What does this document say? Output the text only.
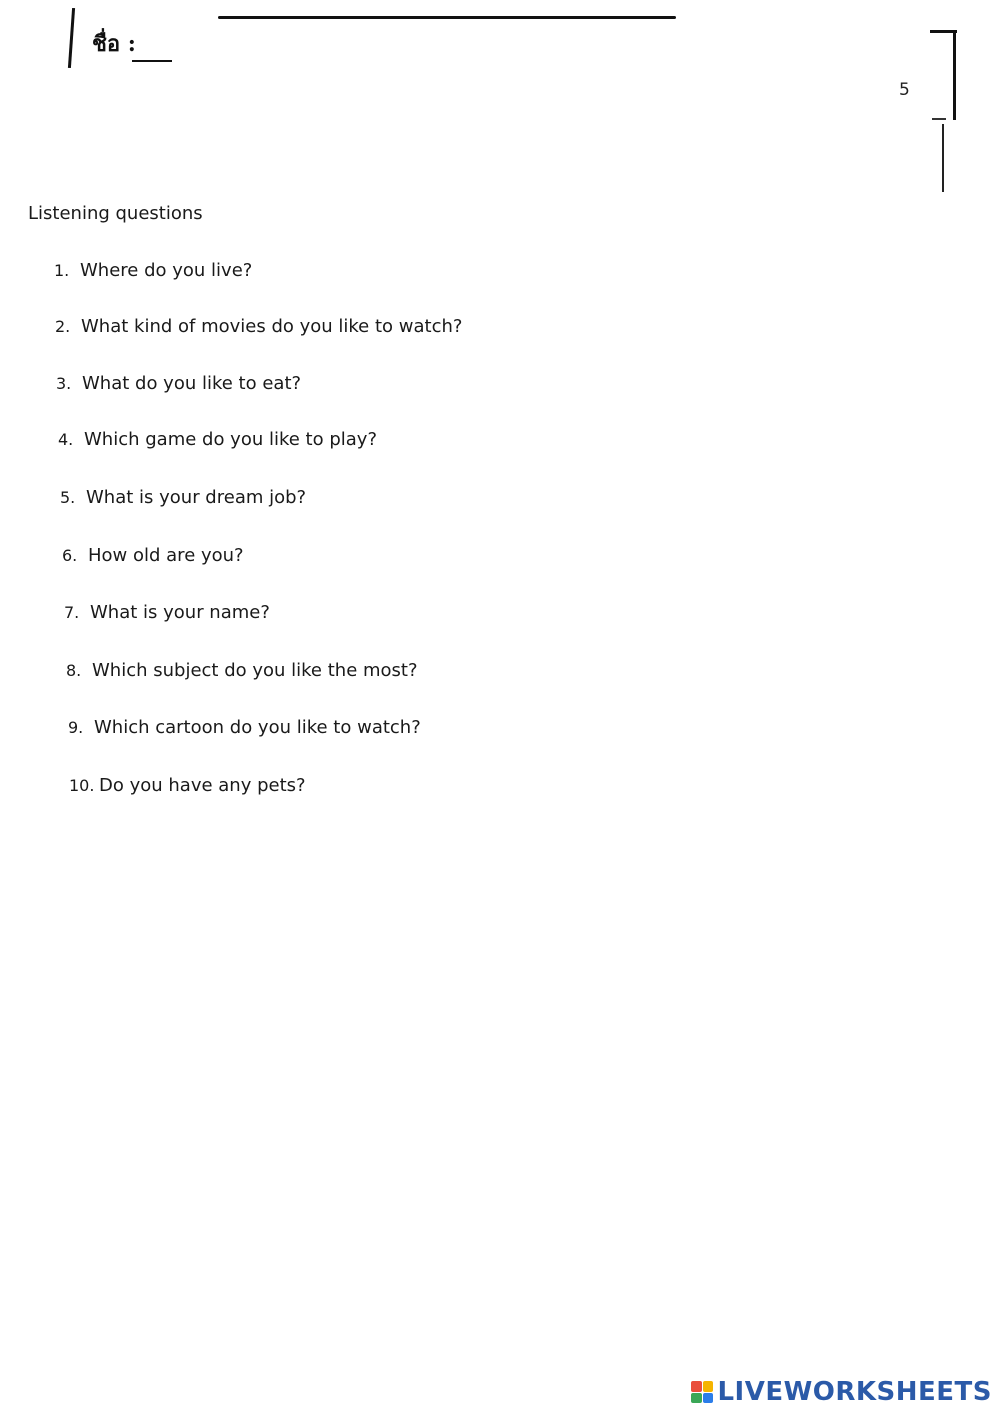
ชื่อ :
5
Listening questions
1. Where do you live?
2. What kind of movies do you like to watch?
3. What do you like to eat?
4. Which game do you like to play?
5. What is your dream job?
6. How old are you?
7. What is your name?
8. Which subject do you like the most?
9. Which cartoon do you like to watch?
10. Do you have any pets?
LIVEWORKSHEETS
